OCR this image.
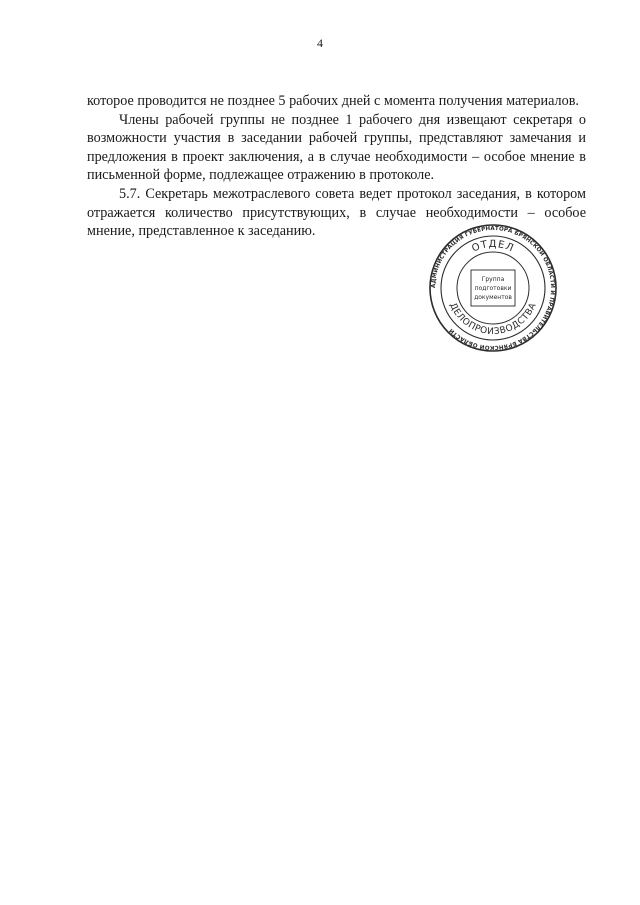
4

которое проводится не позднее 5 рабочих дней с момента получения материалов.

Члены рабочей группы не позднее 1 рабочего дня извещают секретаря о возможности участия в заседании рабочей группы, представляют замечания и предложения в проект заключения, а в случае необходимости – особое мнение в письменной форме, подлежащее отражению в протоколе.

5.7. Секретарь межотраслевого совета ведет протокол заседания, в котором отражается количество присутствующих, в случае необходимости – особое мнение, представленное к заседанию.

АДМИНИСТРАЦИЯ ГУБЕРНАТОРА БРЯНСКОЙ ОБЛАСТИ И ПРАВИТЕЛЬСТВА БРЯНСКОЙ ОБЛАСТИ
ОТДЕЛ
ДЕЛОПРОИЗВОДСТВА
Группа
подготовки
документов
